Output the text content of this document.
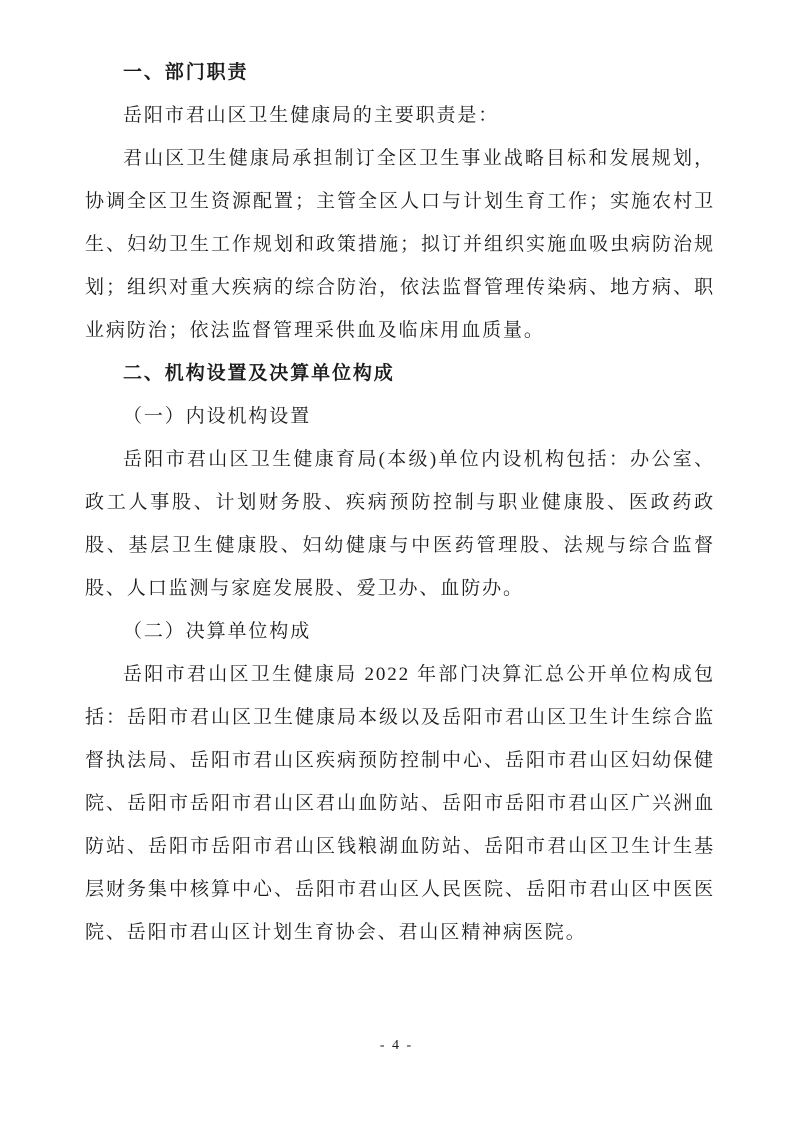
一、部门职责

岳阳市君山区卫生健康局的主要职责是：

君山区卫生健康局承担制订全区卫生事业战略目标和发展规划，协调全区卫生资源配置；主管全区人口与计划生育工作；实施农村卫生、妇幼卫生工作规划和政策措施；拟订并组织实施血吸虫病防治规划；组织对重大疾病的综合防治，依法监督管理传染病、地方病、职业病防治；依法监督管理采供血及临床用血质量。

二、机构设置及决算单位构成

（一）内设机构设置

岳阳市君山区卫生健康育局(本级)单位内设机构包括：办公室、政工人事股、计划财务股、疾病预防控制与职业健康股、医政药政股、基层卫生健康股、妇幼健康与中医药管理股、法规与综合监督股、人口监测与家庭发展股、爱卫办、血防办。

（二）决算单位构成

岳阳市君山区卫生健康局 2022 年部门决算汇总公开单位构成包括：岳阳市君山区卫生健康局本级以及岳阳市君山区卫生计生综合监督执法局、岳阳市君山区疾病预防控制中心、岳阳市君山区妇幼保健院、岳阳市岳阳市君山区君山血防站、岳阳市岳阳市君山区广兴洲血防站、岳阳市岳阳市君山区钱粮湖血防站、岳阳市君山区卫生计生基层财务集中核算中心、岳阳市君山区人民医院、岳阳市君山区中医医院、岳阳市君山区计划生育协会、君山区精神病医院。

- 4 -
